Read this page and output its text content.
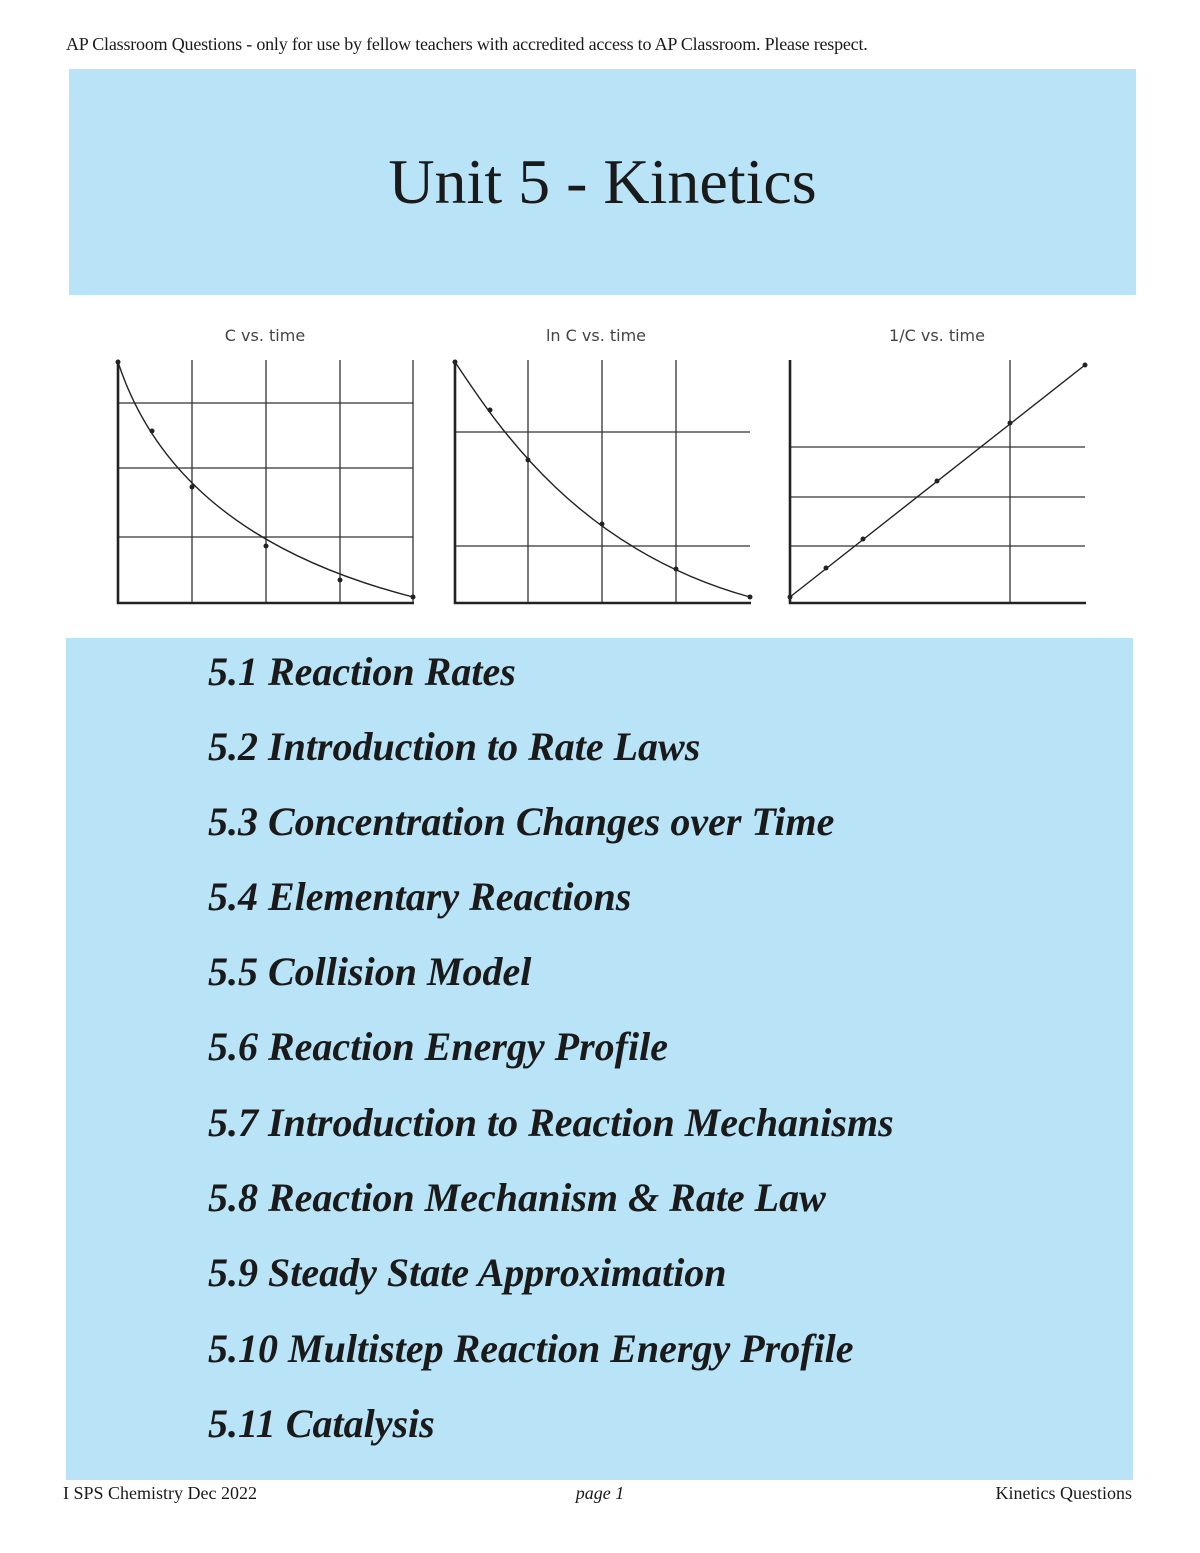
AP Classroom Questions - only for use by fellow teachers with accredited access to AP Classroom. Please respect.
Unit 5 - Kinetics
C vs. time	ln C vs. time	1/C vs. time
5.1 Reaction Rates
5.2 Introduction to Rate Laws
5.3 Concentration Changes over Time
5.4 Elementary Reactions
5.5 Collision Model
5.6 Reaction Energy Profile
5.7 Introduction to Reaction Mechanisms
5.8 Reaction Mechanism & Rate Law
5.9 Steady State Approximation
5.10 Multistep Reaction Energy Profile
5.11 Catalysis
I SPS Chemistry Dec 2022	page 1	Kinetics Questions
